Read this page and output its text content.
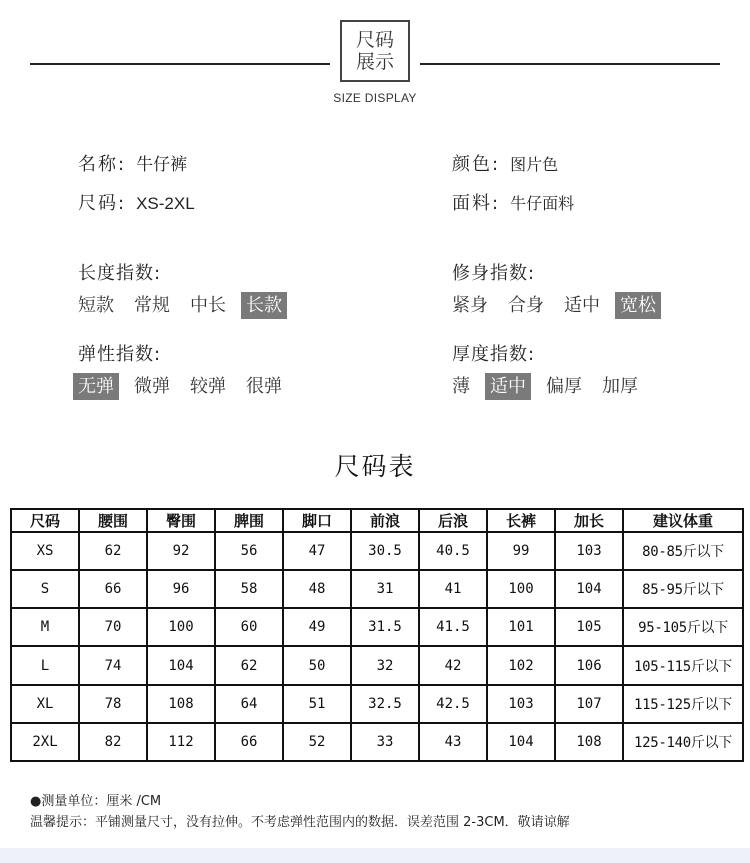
尺码
展示
SIZE DISPLAY
名称: 牛仔裤
尺码: XS-2XL
颜色: 图片色
面料: 牛仔面料
长度指数:
短款 常规 中长 长款
修身指数:
紧身 合身 适中 宽松
弹性指数:
无弹 微弹 较弹 很弹
厚度指数:
薄 适中 偏厚 加厚
尺码表
尺码	腰围	臀围	脾围	脚口	前浪	后浪	长裤	加长	建议体重
XS	62	92	56	47	30.5	40.5	99	103	80-85斤以下
S	66	96	58	48	31	41	100	104	85-95斤以下
M	70	100	60	49	31.5	41.5	101	105	95-105斤以下
L	74	104	62	50	32	42	102	106	105-115斤以下
XL	78	108	64	51	32.5	42.5	103	107	115-125斤以下
2XL	82	112	66	52	33	43	104	108	125-140斤以下
●测量单位：厘米 /CM
温馨提示：平铺测量尺寸，没有拉伸。不考虑弹性范围内的数据．误差范围 2-3CM．敬请谅解
